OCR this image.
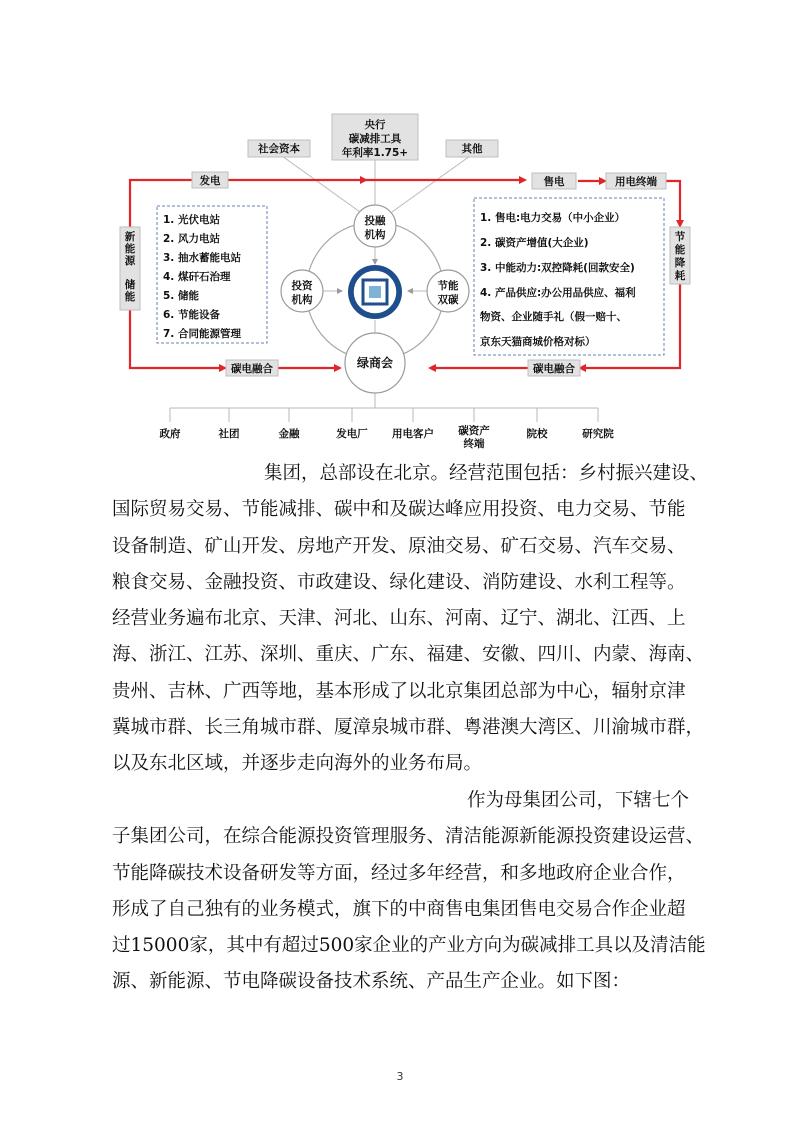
社会资本
央行
碳减排工具
年利率1.75+	其他
发电	售电	用电终端
新
能
源
储
能
节
能
降
耗
碳电融合	碳电融合
1. 光伏电站
2. 风力电站
3. 抽水蓄能电站
4. 煤矸石治理
5. 储能
6. 节能设备
7. 合同能源管理
1. 售电:电力交易（中小企业）
2. 碳资产增值(大企业)
3. 中能动力:双控降耗(回款安全)
4. 产品供应:办公用品供应、福利
物资、企业随手礼（假一赔十、
京东天猫商城价格对标）
投融
机构
投资
机构
节能
双碳
绿商会
政府	社团	金融	发电厂 用电客户 碳资产
终端
院校	研究院
集团，总部设在北京。经营范围包括：乡村振兴建设、
国际贸易交易、节能减排、碳中和及碳达峰应用投资、电力交易、节能
设备制造、矿山开发、房地产开发、原油交易、矿石交易、汽车交易、
粮食交易、金融投资、市政建设、绿化建设、消防建设、水利工程等。
经营业务遍布北京、天津、河北、山东、河南、辽宁、湖北、江西、上
海、浙江、江苏、深圳、重庆、广东、福建、安徽、四川、内蒙、海南、
贵州、吉林、广西等地，基本形成了以北京集团总部为中心，辐射京津
冀城市群、长三角城市群、厦漳泉城市群、粤港澳大湾区、川渝城市群，
以及东北区域，并逐步走向海外的业务布局。
作为母集团公司，下辖七个
子集团公司，在综合能源投资管理服务、清洁能源新能源投资建设运营、
节能降碳技术设备研发等方面，经过多年经营，和多地政府企业合作，
形成了自己独有的业务模式，旗下的中商售电集团售电交易合作企业超
过15000家，其中有超过500家企业的产业方向为碳减排工具以及清洁能
源、新能源、节电降碳设备技术系统、产品生产企业。如下图：
3
